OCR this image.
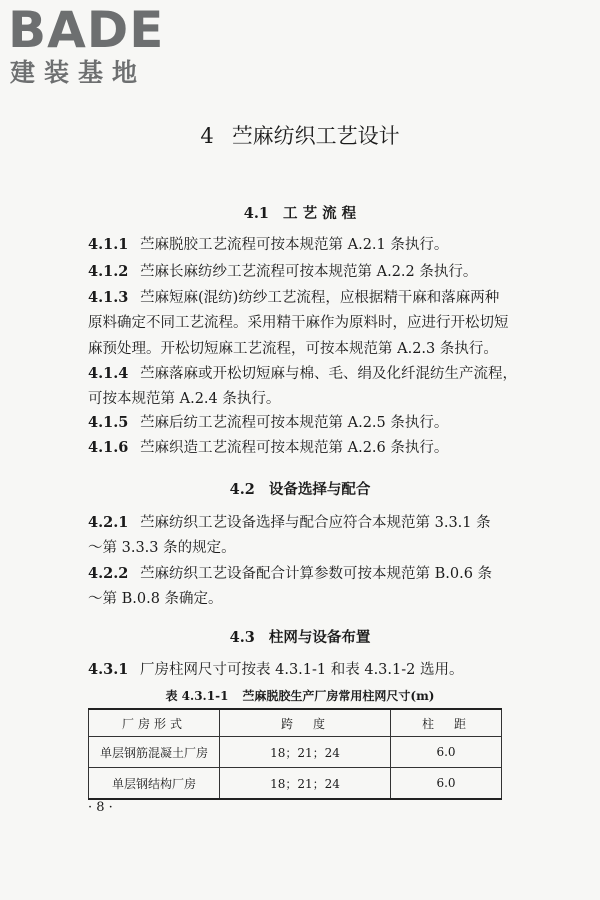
BADE
建装基地
4 苎麻纺织工艺设计
4.1 工 艺 流 程
4.1.1 苎麻脱胶工艺流程可按本规范第 A.2.1 条执行。
4.1.2 苎麻长麻纺纱工艺流程可按本规范第 A.2.2 条执行。
4.1.3 苎麻短麻(混纺)纺纱工艺流程，应根据精干麻和落麻两种
原料确定不同工艺流程。采用精干麻作为原料时，应进行开松切短
麻预处理。开松切短麻工艺流程，可按本规范第 A.2.3 条执行。
4.1.4 苎麻落麻或开松切短麻与棉、毛、绢及化纤混纺生产流程，
可按本规范第 A.2.4 条执行。
4.1.5 苎麻后纺工艺流程可按本规范第 A.2.5 条执行。
4.1.6 苎麻织造工艺流程可按本规范第 A.2.6 条执行。
4.2 设备选择与配合
4.2.1 苎麻纺织工艺设备选择与配合应符合本规范第 3.3.1 条
～第 3.3.3 条的规定。
4.2.2 苎麻纺织工艺设备配合计算参数可按本规范第 B.0.6 条
～第 B.0.8 条确定。
4.3 柱网与设备布置
4.3.1 厂房柱网尺寸可按表 4.3.1-1 和表 4.3.1-2 选用。
表 4.3.1-1 苎麻脱胶生产厂房常用柱网尺寸(m)
厂房形式	跨　度	柱　距
单层钢筋混凝土厂房	18；21；24	6.0
单层钢结构厂房	18；21；24	6.0
· 8 ·
